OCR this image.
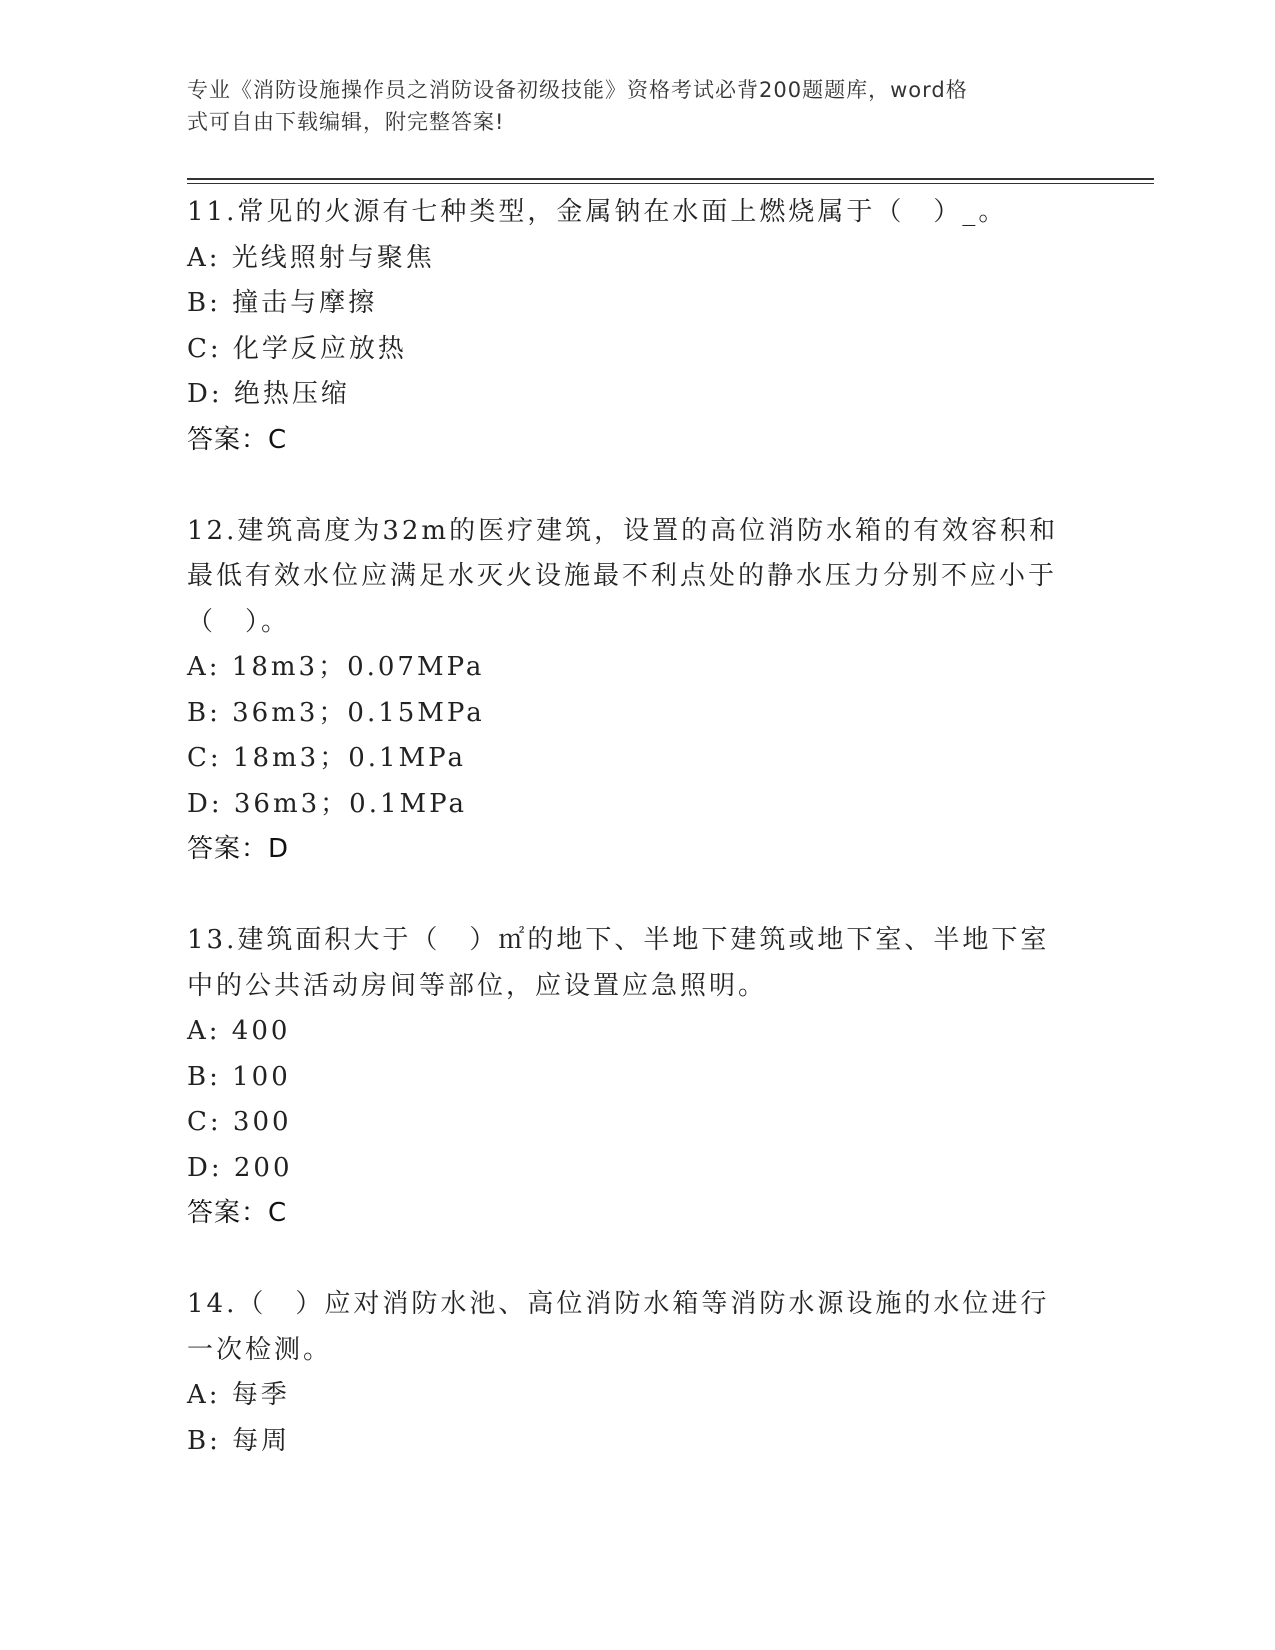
专业《消防设施操作员之消防设备初级技能》资格考试必背200题题库，word格
式可自由下载编辑，附完整答案!
11.常见的火源有七种类型，金属钠在水面上燃烧属于（　）_。
A: 光线照射与聚焦
B: 撞击与摩擦
C: 化学反应放热
D: 绝热压缩
答案：C
12.建筑高度为32m的医疗建筑，设置的高位消防水箱的有效容积和最低有效水位应满足水灭火设施最不利点处的静水压力分别不应小于（　）。
A: 18m3；0.07MPa
B: 36m3；0.15MPa
C: 18m3；0.1MPa
D: 36m3；0.1MPa
答案：D
13.建筑面积大于（　）㎡的地下、半地下建筑或地下室、半地下室中的公共活动房间等部位，应设置应急照明。
A: 400
B: 100
C: 300
D: 200
答案：C
14.（　）应对消防水池、高位消防水箱等消防水源设施的水位进行一次检测。
A: 每季
B: 每周
